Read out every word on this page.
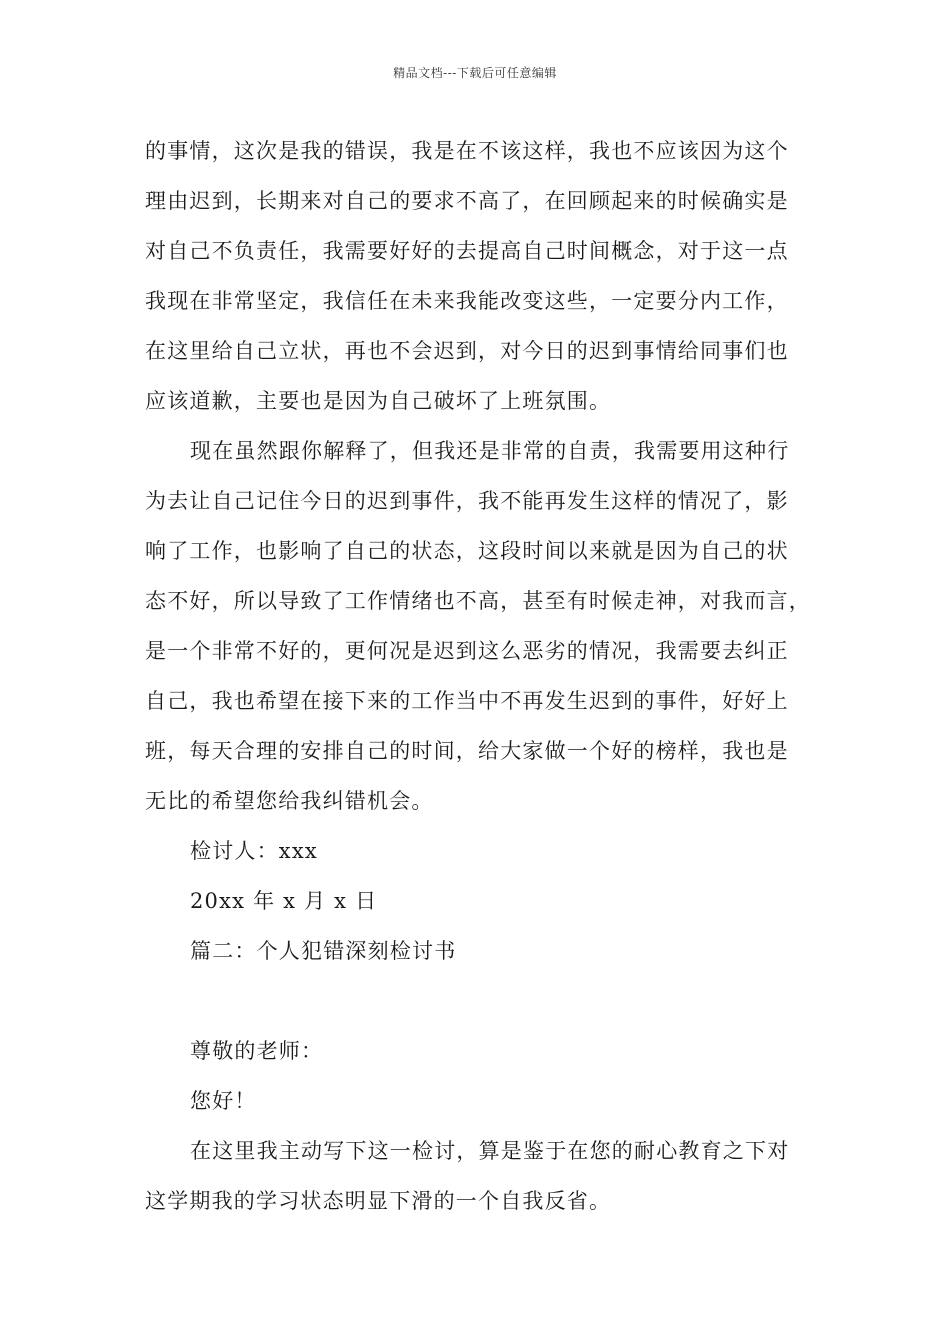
精品文档---下载后可任意编辑
的事情，这次是我的错误，我是在不该这样，我也不应该因为这个
理由迟到，长期来对自己的要求不高了，在回顾起来的时候确实是
对自己不负责任，我需要好好的去提高自己时间概念，对于这一点
我现在非常坚定，我信任在未来我能改变这些，一定要分内工作，
在这里给自己立状，再也不会迟到，对今日的迟到事情给同事们也
应该道歉，主要也是因为自己破坏了上班氛围。
现在虽然跟你解释了，但我还是非常的自责，我需要用这种行
为去让自己记住今日的迟到事件，我不能再发生这样的情况了，影
响了工作，也影响了自己的状态，这段时间以来就是因为自己的状
态不好，所以导致了工作情绪也不高，甚至有时候走神，对我而言，
是一个非常不好的，更何况是迟到这么恶劣的情况，我需要去纠正
自己，我也希望在接下来的工作当中不再发生迟到的事件，好好上
班，每天合理的安排自己的时间，给大家做一个好的榜样，我也是
无比的希望您给我纠错机会。
检讨人：xxx
20xx 年 x 月 x 日
篇二：个人犯错深刻检讨书
尊敬的老师：
您好！
在这里我主动写下这一检讨，算是鉴于在您的耐心教育之下对
这学期我的学习状态明显下滑的一个自我反省。
